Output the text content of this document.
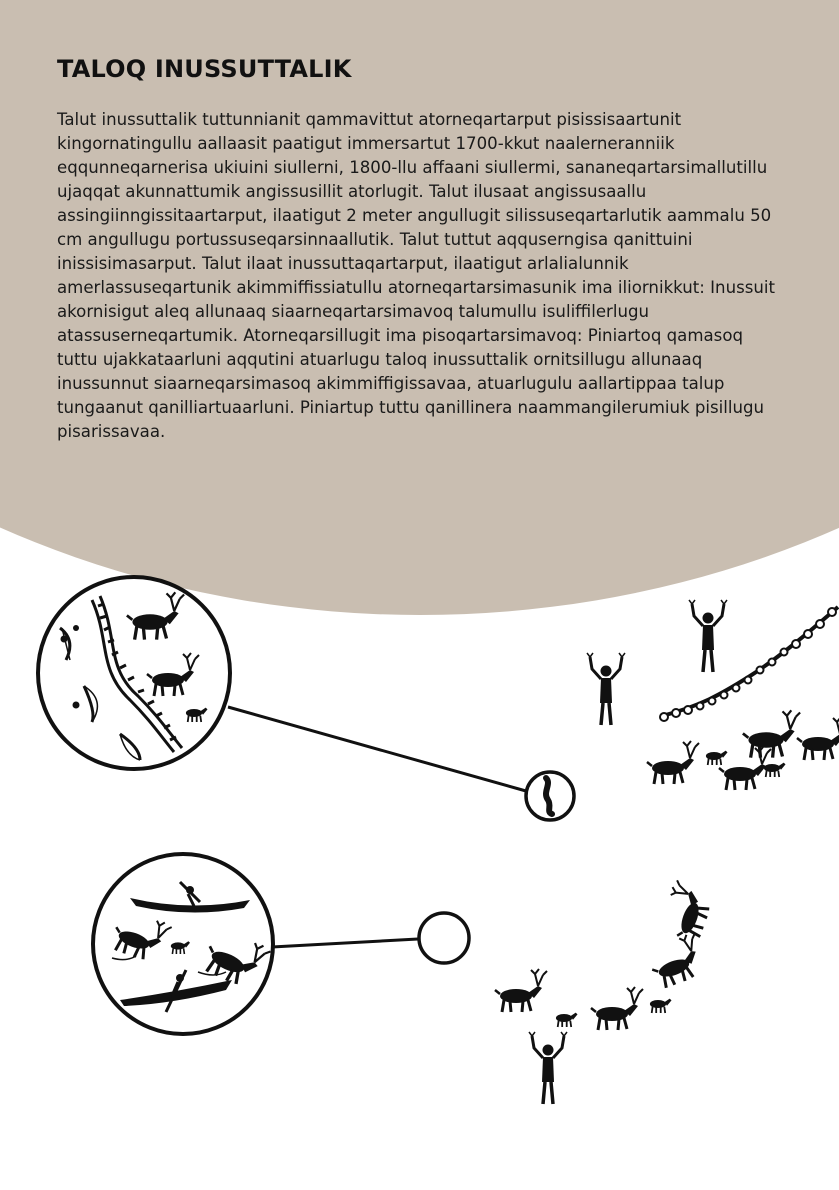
TALOQ INUSSUTTALIK

Talut inussuttalik tuttunnianit qammavittut atorneqartarput pisissisaartunit kingornatingullu aallaasit paatigut immersartut 1700-kkut naalerneranniik eqqunneqarnerisa ukiuini siullerni, 1800-llu affaani siullermi, sananeqartarsimallutillu ujaqqat akunnattumik angissusillit atorlugit. Talut ilusaat angissusaallu assingiinngissitaartarput, ilaatigut 2 meter angullugit silissuseqartarlutik aammalu 50 cm angullugu portussuseqarsinnaallutik. Talut tuttut aqquserngisa qanittuini inissisimasarput. Talut ilaat inussuttaqartarput, ilaatigut arlalialunnik amerlassuseqartunik akimmiffissiatullu atorneqartarsimasunik ima iliornikkut: Inussuit akornisigut aleq allunaaq siaarneqartarsimavoq talumullu isuliffilerlugu atassuserneqartumik. Atorneqarsillugit ima pisoqartarsimavoq: Piniartoq qamasoq tuttu ujakkataarluni aqqutini atuarlugu taloq inussuttalik ornitsillugu allunaaq inussunnut siaarneqarsimasoq akimmiffigissavaa, atuarlugulu aallartippaa talup tungaanut qanilliartuaarluni. Piniartup tuttu qanillinera naammangilerumiuk pisillugu pisarissavaa.
